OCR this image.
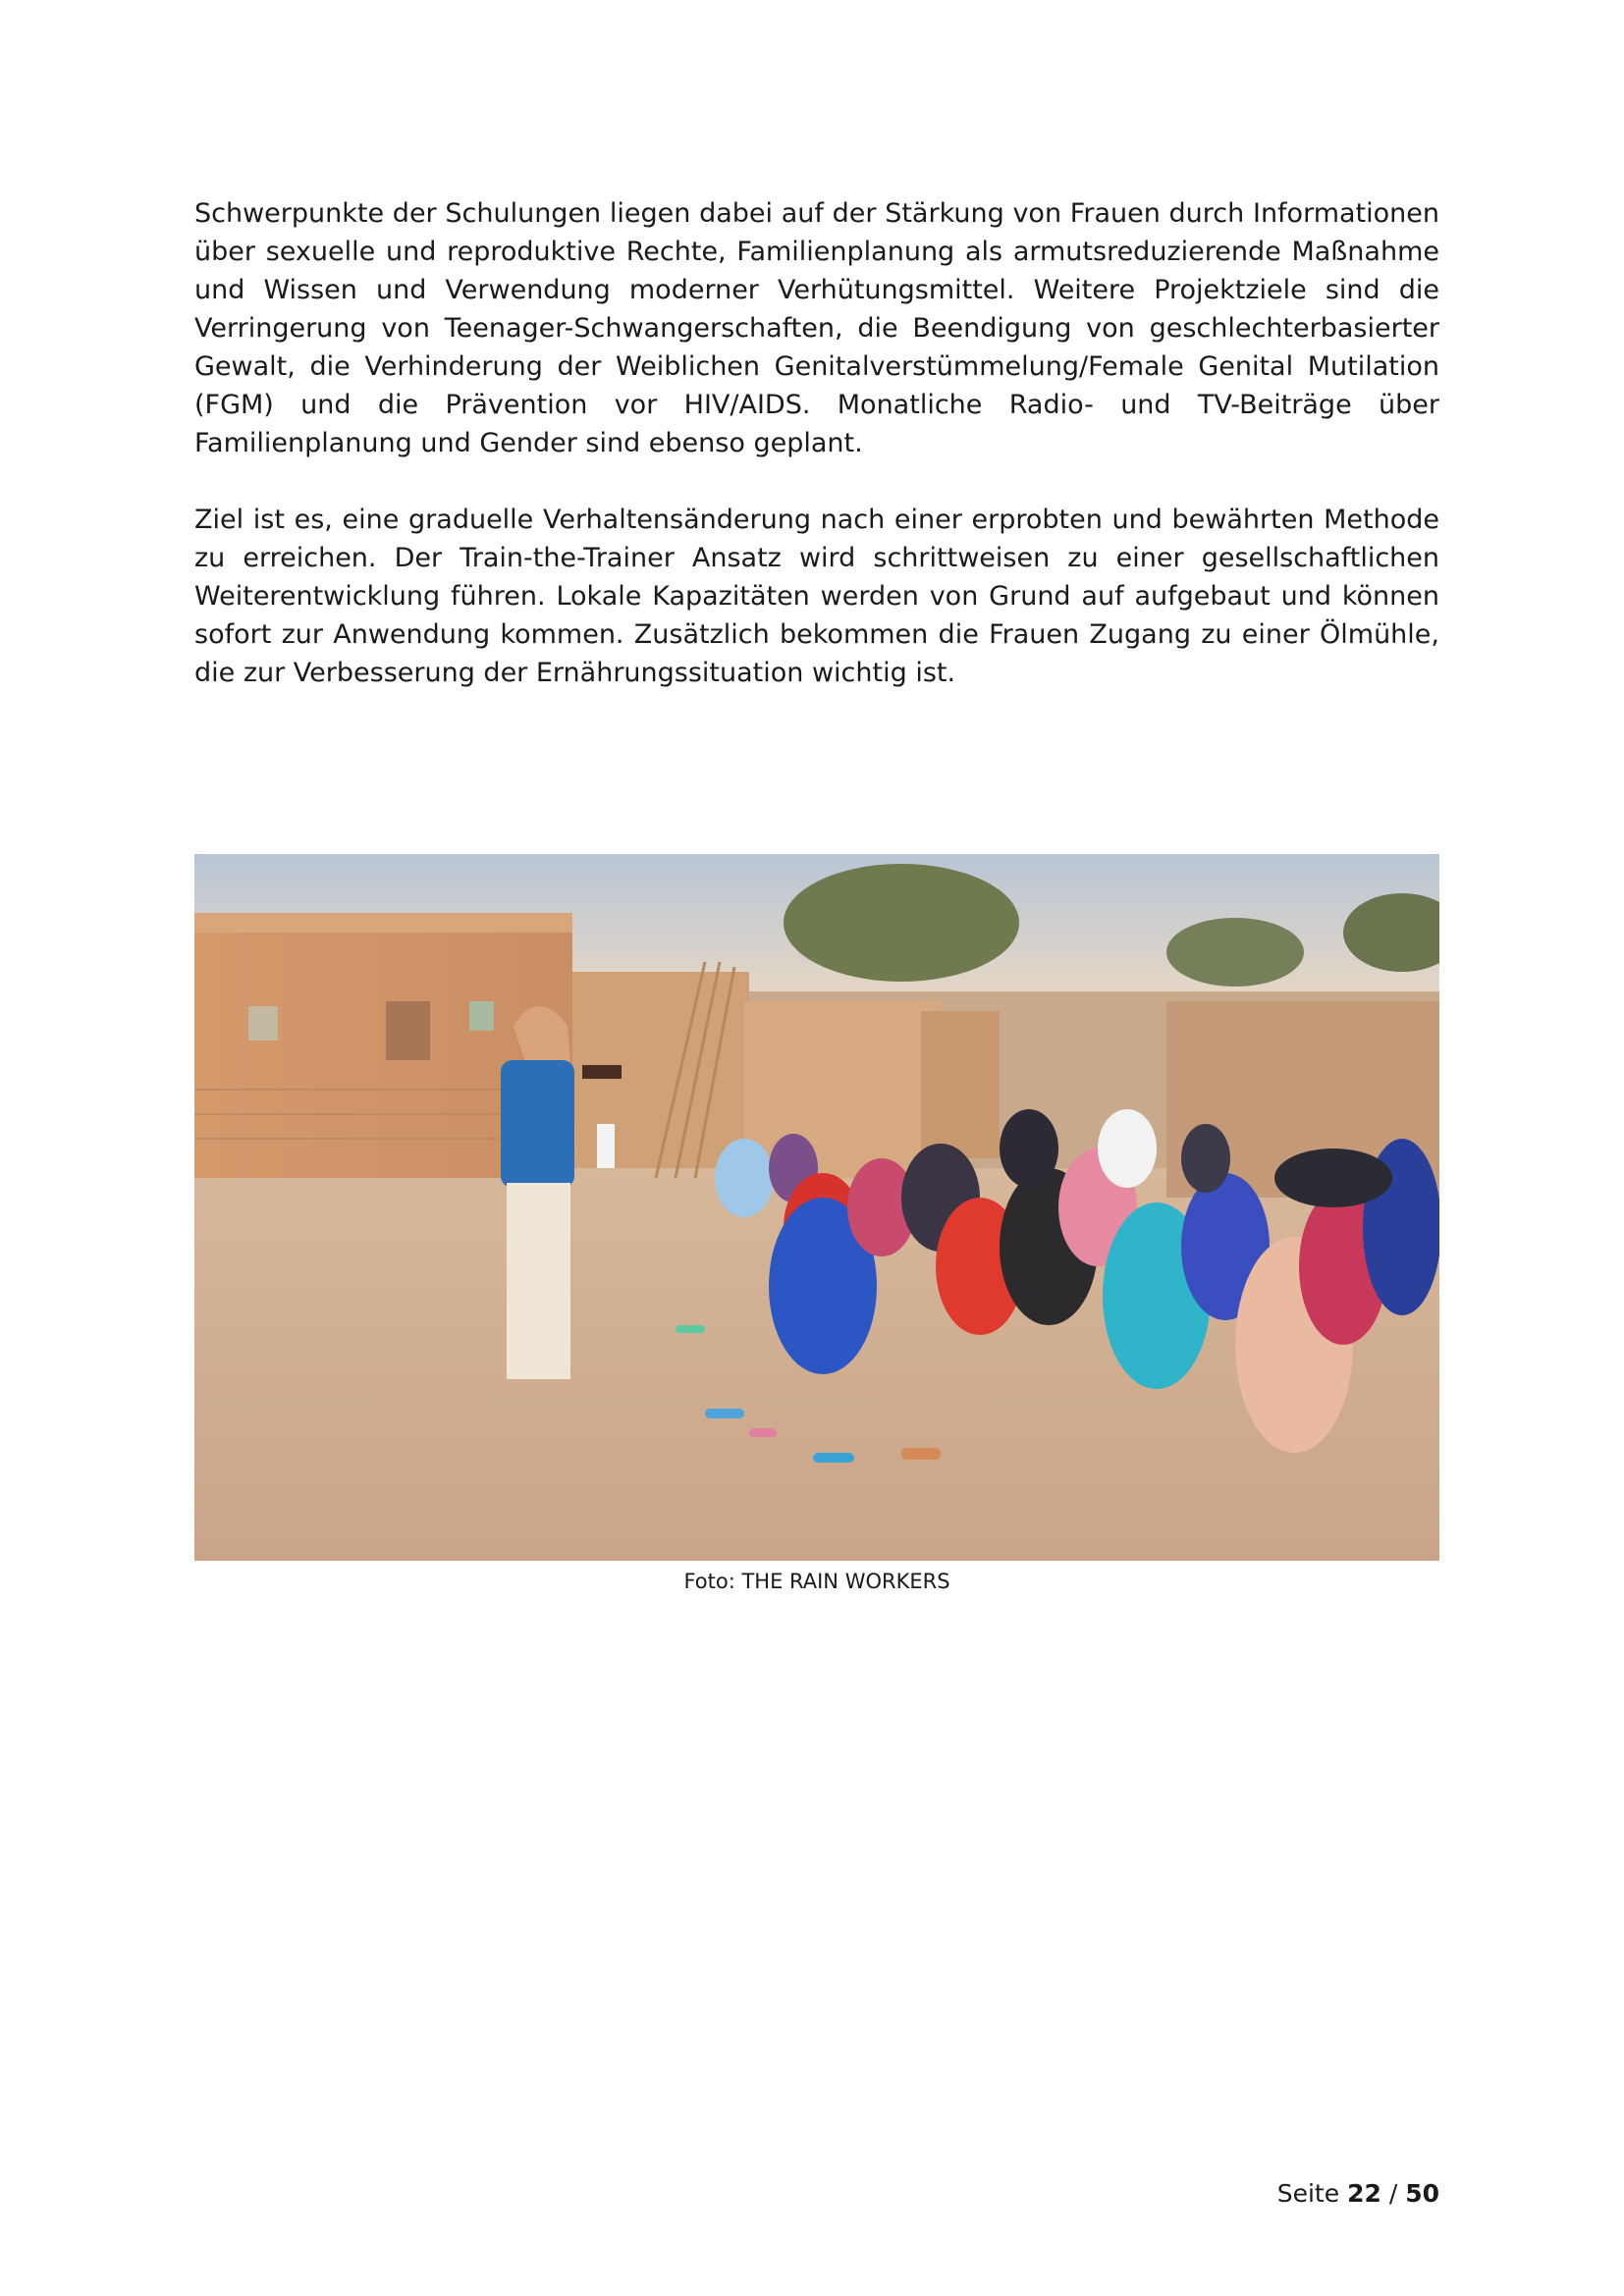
Schwerpunkte der Schulungen liegen dabei auf der Stärkung von Frauen durch Informationen über sexuelle und reproduktive Rechte, Familienplanung als armutsreduzierende Maßnahme und Wissen und Verwendung moderner Verhütungsmittel. Weitere Projektziele sind die Verringerung von Teenager-Schwangerschaften, die Beendigung von geschlechterbasierter Gewalt, die Verhinderung der Weiblichen Genitalverstümmelung/Female Genital Mutilation (FGM) und die Prävention vor HIV/AIDS. Monatliche Radio- und TV-Beiträge über Familienplanung und Gender sind ebenso geplant.

Ziel ist es, eine graduelle Verhaltensänderung nach einer erprobten und bewährten Methode zu erreichen. Der Train-the-Trainer Ansatz wird schrittweisen zu einer gesellschaftlichen Weiterentwicklung führen. Lokale Kapazitäten werden von Grund auf aufgebaut und können sofort zur Anwendung kommen. Zusätzlich bekommen die Frauen Zugang zu einer Ölmühle, die zur Verbesserung der Ernährungssituation wichtig ist.

Foto: THE RAIN WORKERS
Seite 22 / 50
